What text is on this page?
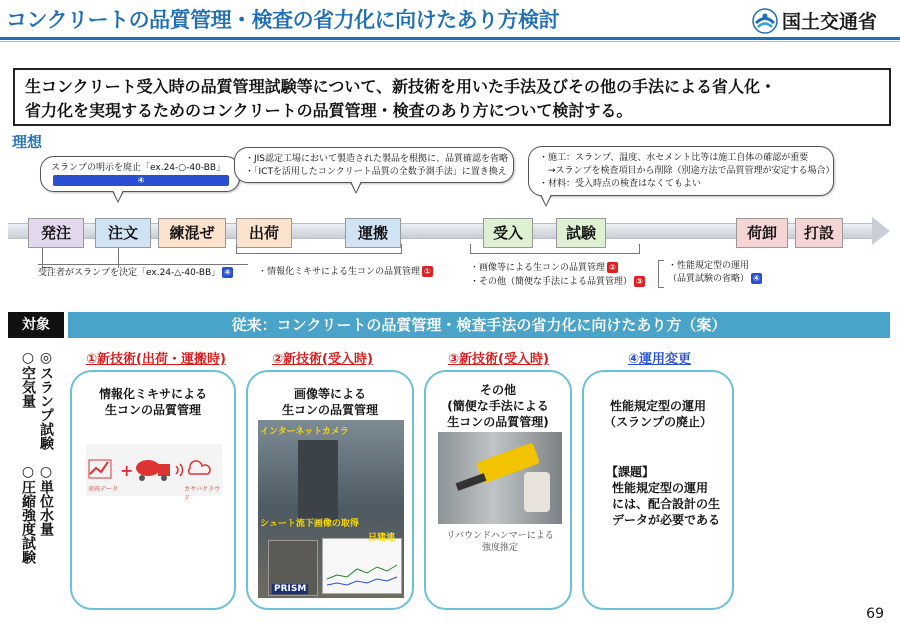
コンクリートの品質管理・検査の省力化に向けたあり方検討	国土交通省
生コンクリート受入時の品質管理試験等について、新技術を用いた手法及びその他の手法による省人化・
省力化を実現するためのコンクリートの品質管理・検査のあり方について検討する。
理想
スランプの明示を廃止「ex.24-○-40-BB」
④
・JIS認定工場において製造された製品を根拠に、品質確認を省略
・「ICTを活用したコンクリート品質の全数予測手法」に置き換え
・施工：スランプ、温度、水セメント比等は施工自体の確認が重要
　→スランプを検査項目から削除（別途方法で品質管理が安定する場合）
・材料：受入時点の検査はなくてもよい
発注	注文	練混ぜ	出荷	運搬	受入	試験	荷卸	打設
受注者がスランプを決定「ex.24-△-40-BB」 ④	・情報化ミキサによる生コンの品質管理 ①	・画像等による生コンの品質管理 ②
・その他（簡便な手法による品質管理） ③
・性能規定型の運用
（品質試験の省略） ④
対象	従来：コンクリートの品質管理・検査手法の省力化に向けたあり方（案）
◎スランプ試験
○空気量
○単位水量
○圧縮強度試験
①新技術(出荷・運搬時)	②新技術(受入時)	③新技術(受入時)	④運用変更
情報化ミキサによる
生コンの品質管理
+
車両データ	カヤバクラウド
画像等による
生コンの品質管理
インターネットカメラ
シュート流下画像の取得
日建連
PRISM
その他
(簡便な手法による
生コンの品質管理)
リバウンドハンマーによる
強度推定
性能規定型の運用
（スランプの廃止）
【課題】
性能規定型の運用
には、配合設計の生
データが必要である
69
